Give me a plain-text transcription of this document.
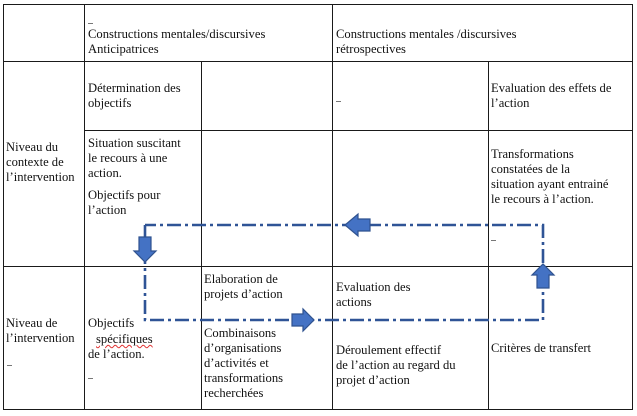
Constructions mentales/discursives
Anticipatrices
Constructions mentales /discursives
rétrospectives
Niveau du
contexte de
l’intervention
Niveau de
l’intervention
Détermination des
objectifs
Evaluation des effets de
l’action
Situation suscitant
le recours à une
action.
Objectifs pour
l’action
Transformations
constatées de la
situation ayant entrainé
le recours à l’action.
Elaboration de
projets d’action	Evaluation des
actions
Objectifs
spécifiques
de l’action.
Combinaisons
d’organisations
d’activités et
transformations
recherchées
Déroulement effectif
de l’action au regard du
projet d’action
Critères de transfert
